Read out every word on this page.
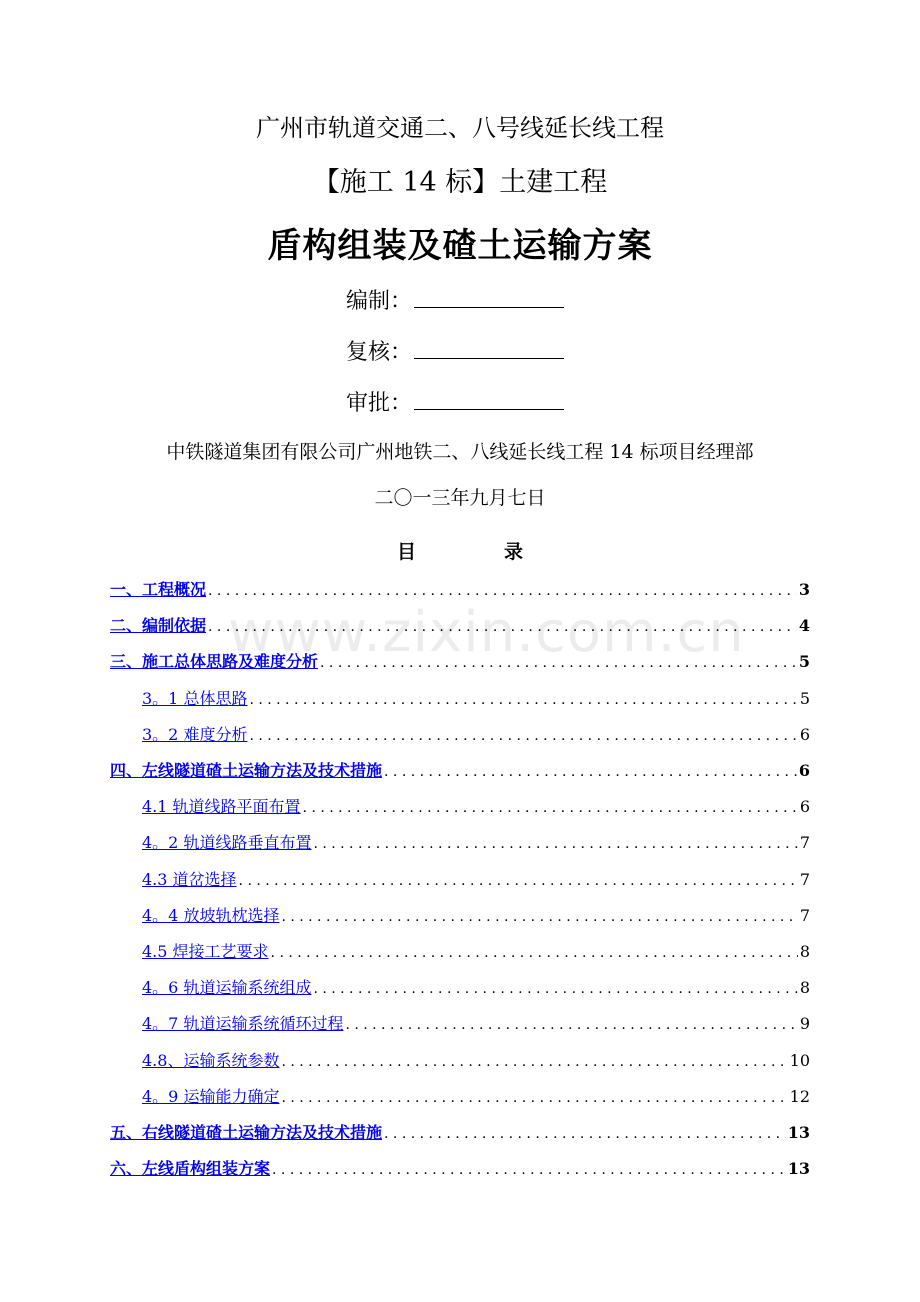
广州市轨道交通二、八号线延长线工程
【施工 14 标】土建工程
盾构组装及碴土运输方案
编制：
复核：
审批：
中铁隧道集团有限公司广州地铁二、八线延长线工程 14 标项目经理部
二〇一三年九月七日
目	录
www.zixin.com.cn
一、工程概况 . . .	3
二、编制依据 . . .	4
三、施工总体思路及难度分析 . . .	5
3。1 总体思路 . . .	5
3。2 难度分析 . . .	6
四、左线隧道碴土运输方法及技术措施 . . .	6
4.1 轨道线路平面布置 . . .	6
4。2 轨道线路垂直布置 . . .	7
4.3 道岔选择 . . .	7
4。4 放坡轨枕选择 . . .	7
4.5 焊接工艺要求 . . .	8
4。6 轨道运输系统组成 . . .	8
4。7 轨道运输系统循环过程 . . .	9
4.8、运输系统参数 . . .	10
4。9 运输能力确定 . . .	12
五、右线隧道碴土运输方法及技术措施 . . .	13
六、左线盾构组装方案 . . .	13
